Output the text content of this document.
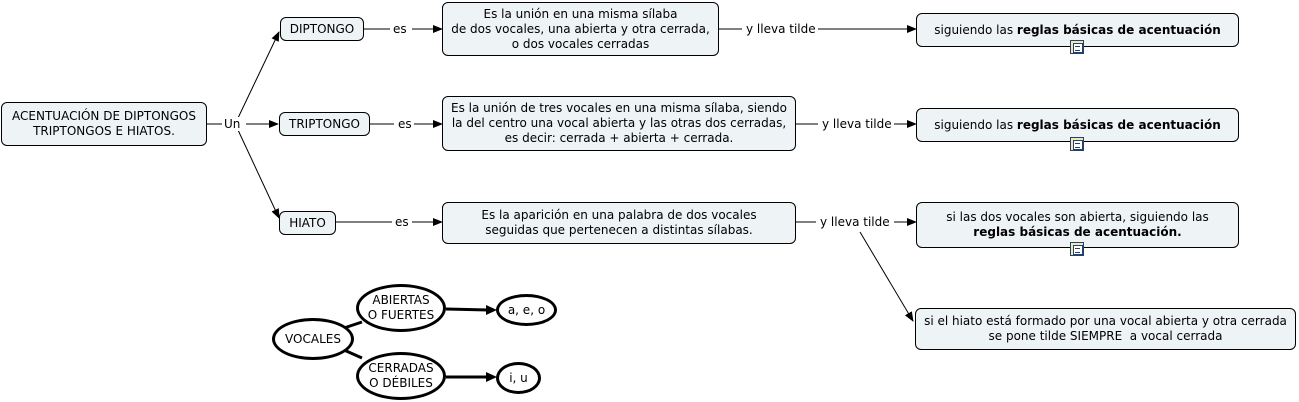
ACENTUACIÓN DE DIPTONGOS
TRIPTONGOS E HIATOS.	Un
DIPTONGO	es
Es la unión en una misma sílaba
de dos vocales, una abierta y otra cerrada,
o dos vocales cerradas
y lleva tilde	siguiendo las reglas básicas de acentuación
TRIPTONGO	es
Es la unión de tres vocales en una misma sílaba, siendo
la del centro una vocal abierta y las otras dos cerradas,
es decir: cerrada + abierta + cerrada.
y lleva tilde	siguiendo las reglas básicas de acentuación
HIATO	es	Es la aparición en una palabra de dos vocales
seguidas que pertenecen a distintas sílabas.
y lleva tilde	si las dos vocales son abierta, siguiendo las
reglas básicas de acentuación.
si el hiato está formado por una vocal abierta y otra cerrada
se pone tilde SIEMPRE  a vocal cerrada
VOCALES
ABIERTAS
O FUERTES
CERRADAS
O DÉBILES
a, e, o
i, u
